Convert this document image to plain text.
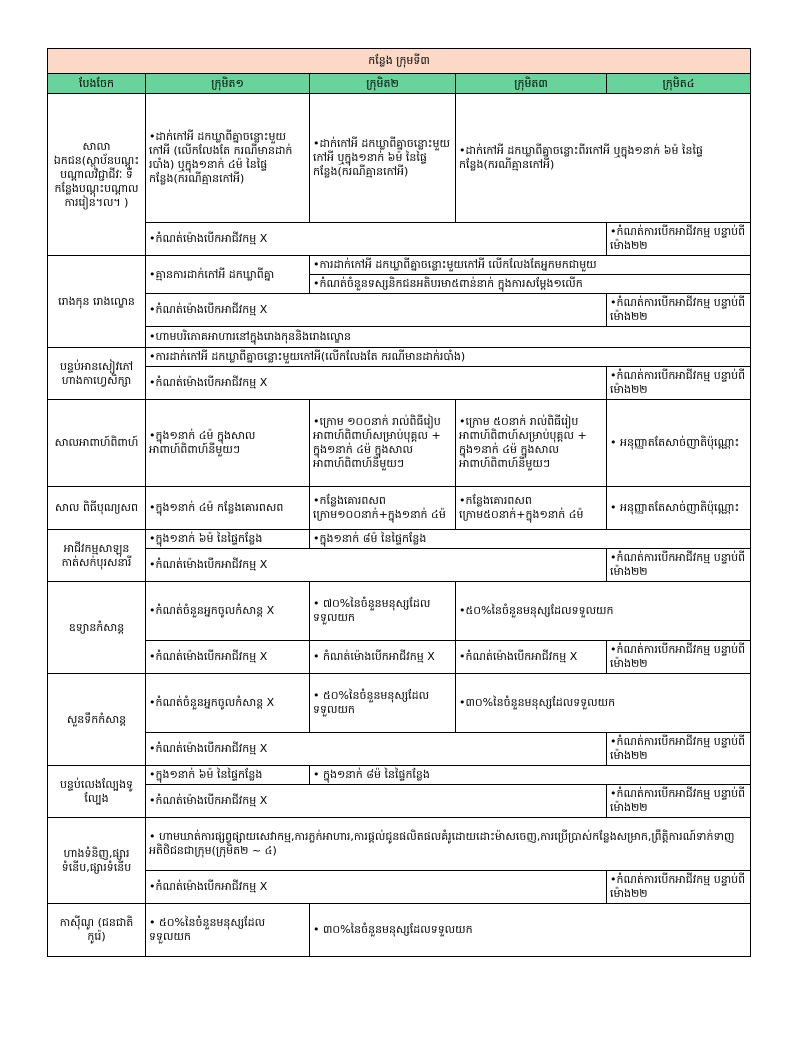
កន្លែង ក្រុមទី៣				
បែងចែក	ក្រុមិត១	ក្រុមិត២	ក្រុមិត៣	ក្រុមិត៤
សាលាឯកជន(ស្ថាប័នបណ្តុះបណ្តាលវិជ្ជាជីវៈ ទីកន្លែងបណ្តុះបណ្តាលការរៀន។ល។ )	•ដាក់កៅអី ដកឃ្លាពីគ្នាចន្លោះមួយកៅអី (លើកលែងតែ ករណីមានដាក់របាំង) ឬក្នុង១នាក់ ៤ម៉ នៃផ្ទៃកន្លែង(ករណីគ្មានកៅអី)	•ដាក់កៅអី ដកឃ្លាពីគ្នាចន្លោះមួយកៅអី ឬក្នុង១នាក់ ៦ម៉ នៃផ្ទៃកន្លែង(ករណីគ្មានកៅអី)	•ដាក់កៅអី ដកឃ្លាពីគ្នាចន្លោះពីរកៅអី ឬក្នុង១នាក់ ៦ម៉ នៃផ្ទៃកន្លែង(ករណីគ្មានកៅអី)	
	•កំណត់ម៉ោងបើកអាជីវកម្ម X			•កំណត់ការបើកអាជីវកម្ម បន្ទាប់ពីម៉ោង២២
រោងកុន រោងល្ខោន	•គ្មានការដាក់កៅអី ដកឃ្លាពីគ្នា	•ការដាក់កៅអី ដកឃ្លាពីគ្នាចន្លោះមួយកៅអី លើកលែងតែអ្នកមកជាមួយ		
		•កំណត់ចំនួនទស្សនិកជនអតិបរមា៥ពាន់នាក់ ក្នុងការសម្តែង១លើក		
	•កំណត់ម៉ោងបើកអាជីវកម្ម X			•កំណត់ការបើកអាជីវកម្ម បន្ទាប់ពីម៉ោង២២
	•ហាមបរិភោគអាហារនៅក្នុងរោងកុននិងរោងល្ខោន			
បន្ទប់អានសៀវភៅ ហាងកាហ្វេសិក្សា	•ការដាក់កៅអី ដកឃ្លាពីគ្នាចន្លោះមួយកៅអី(លើកលែងតែ ករណីមានដាក់របាំង)			
	•កំណត់ម៉ោងបើកអាជីវកម្ម X			•កំណត់ការបើកអាជីវកម្ម បន្ទាប់ពីម៉ោង២២
សាលអាពាហ៍ពិពាហ៍	•ក្នុង១នាក់ ៤ម៉ ក្នុងសាលអាពាហ៍ពិពាហ៍នីមួយៗ	•ក្រោម ១០០នាក់ រាល់ពិធីរៀបអាពាហ៍ពិពាហ៍សម្រាប់បុគ្គល + ក្នុង១នាក់ ៤ម៉ ក្នុងសាលអាពាហ៍ពិពាហ៍នីមួយៗ	•ក្រោម ៥០នាក់ រាល់ពិធីរៀបអាពាហ៍ពិពាហ៍សម្រាប់បុគ្គល + ក្នុង១នាក់ ៤ម៉ ក្នុងសាលអាពាហ៍ពិពាហ៍នីមួយៗ	• អនុញ្ញាតតែសាច់ញាតិប៉ុណ្ណោះ
សាល ពិធីបុណ្យសព	•ក្នុង១នាក់ ៤ម៉ កន្លែងគោរពសព	•កន្លែងគោរពសព ក្រោម១០០នាក់+ក្នុង១នាក់ ៤ម៉	•កន្លែងគោរពសព ក្រោម៥០នាក់+ក្នុង១នាក់ ៤ម៉	• អនុញ្ញាតតែសាច់ញាតិប៉ុណ្ណោះ
អាជីវកម្មសាឡុន កាត់សក់បុរសនារី	•ក្នុង១នាក់ ៦ម៉ នៃផ្ទៃកន្លែង	•ក្នុង១នាក់ ៨ម៉ នៃផ្ទៃកន្លែង		
	•កំណត់ម៉ោងបើកអាជីវកម្ម X			•កំណត់ការបើកអាជីវកម្ម បន្ទាប់ពីម៉ោង២២
ឧទ្យានកំសាន្ត	•កំណត់ចំនួនអ្នកចូលកំសាន្ត X	• ៧០%នៃចំនួនមនុស្សដែលទទួលយក	•៥០%នៃចំនួនមនុស្សដែលទទួលយក	
	•កំណត់ម៉ោងបើកអាជីវកម្ម X	• កំណត់ម៉ោងបើកអាជីវកម្ម X	•កំណត់ម៉ោងបើកអាជីវកម្ម X	•កំណត់ការបើកអាជីវកម្ម បន្ទាប់ពីម៉ោង២២
សួនទឹកកំសាន្ត	•កំណត់ចំនួនអ្នកចូលកំសាន្ត X	• ៥០%នៃចំនួនមនុស្សដែលទទួលយក	•៣០%នៃចំនួនមនុស្សដែលទទួលយក	
	•កំណត់ម៉ោងបើកអាជីវកម្ម X			•កំណត់ការបើកអាជីវកម្ម បន្ទាប់ពីម៉ោង២២
បន្ទប់លេងល្បែងទូល្បែង	•ក្នុង១នាក់ ៦ម៉ នៃផ្ទៃកន្លែង	• ក្នុង១នាក់ ៨ម៉ នៃផ្ទៃកន្លែង		
	•កំណត់ម៉ោងបើកអាជីវកម្ម X			•កំណត់ការបើកអាជីវកម្ម បន្ទាប់ពីម៉ោង២២
ហាងទំនិញ,ផ្សារទំនើប,ផ្សារទំនើប	• ហាមឃាត់ការផ្សព្វផ្សាយសេវាកម្ម,ការភ្លក់អាហារ,ការផ្តល់ជូនផលិតផលគំរូដោយដោះម៉ាសចេញ,ការប្រើប្រាស់កន្លែងសម្រាក,ព្រឹត្តិការណ៍ទាក់ទាញអតិថិជនជាក្រុម(ក្រុមិត២ ~ ៤)			
	•កំណត់ម៉ោងបើកអាជីវកម្ម X			•កំណត់ការបើកអាជីវកម្ម បន្ទាប់ពីម៉ោង២២
កាស៊ីណូ (ជនជាតិកូរ៉េ)	• ៥០%នៃចំនួនមនុស្សដែលទទួលយក	• ៣០%នៃចំនួនមនុស្សដែលទទួលយក		
